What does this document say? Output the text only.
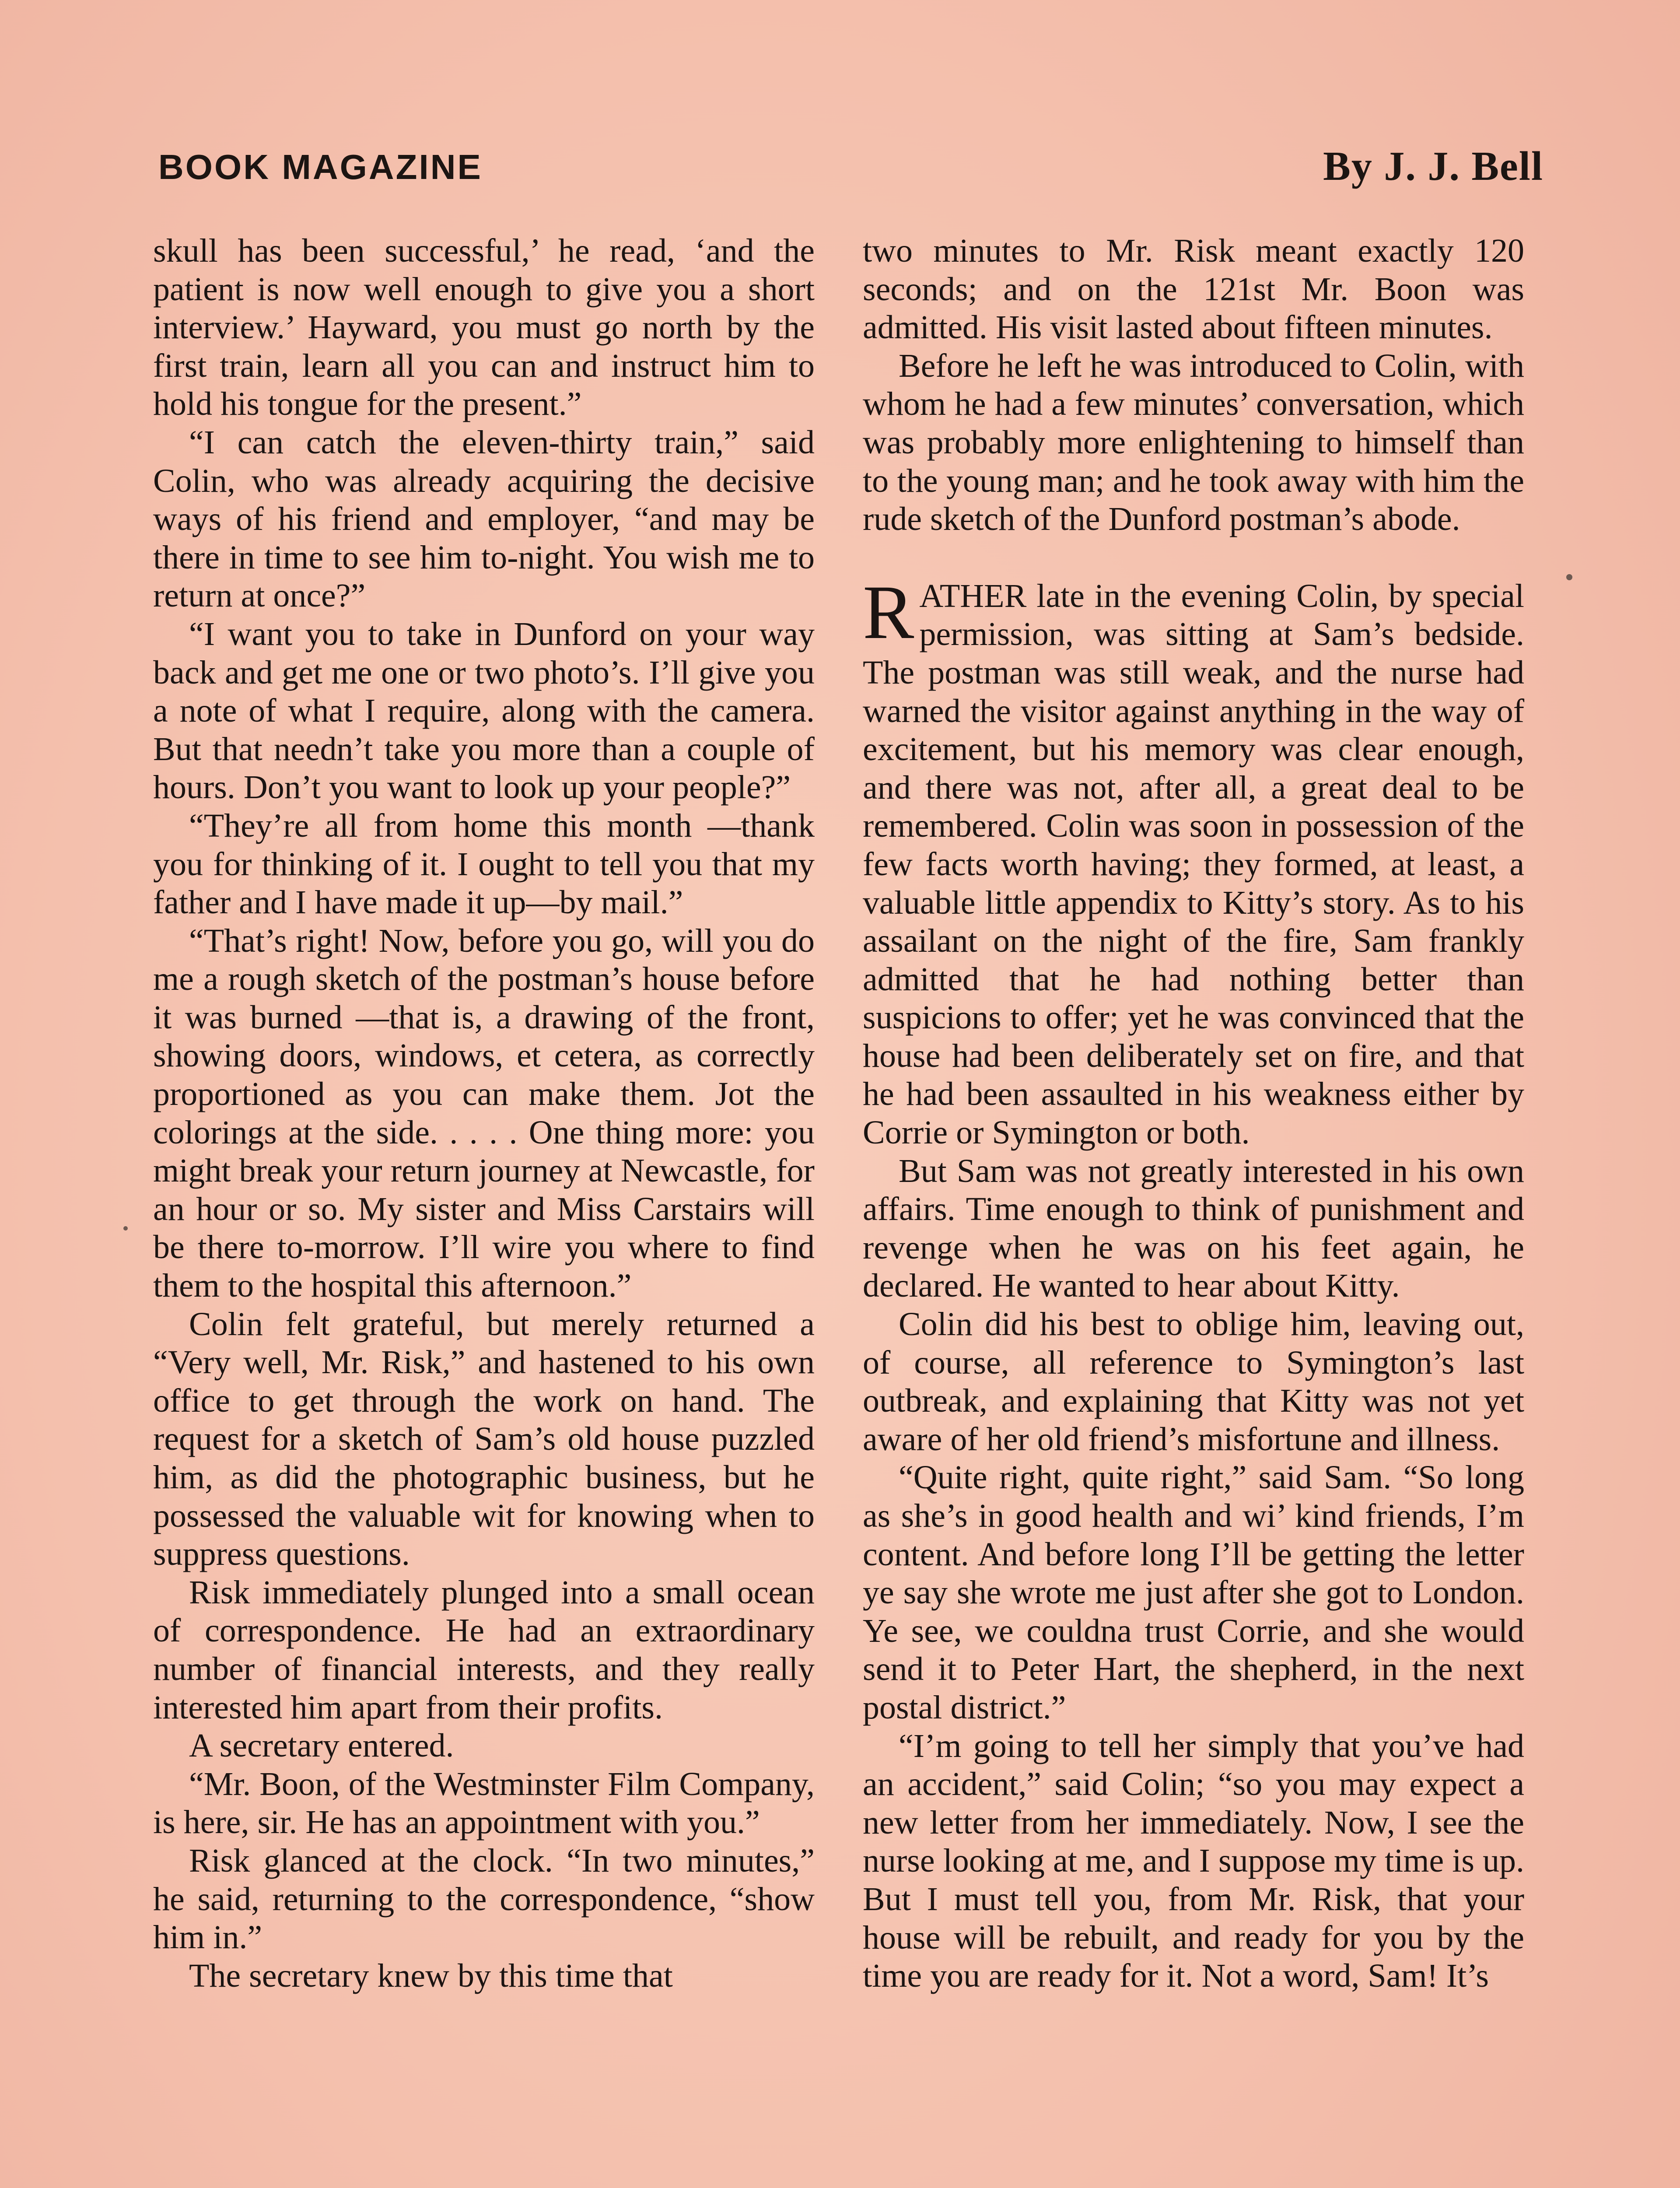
BOOK MAGAZINE	By J. J. Bell

skull has been successful,’ he read, ‘and the patient is now well enough to give you a short interview.’ Hayward, you must go north by the first train, learn all you can and instruct him to hold his tongue for the present.”

“I can catch the eleven-thirty train,” said Colin, who was already acquiring the decisive ways of his friend and employer, “and may be there in time to see him to-night. You wish me to return at once?”

“I want you to take in Dunford on your way back and get me one or two photo’s. I’ll give you a note of what I require, along with the camera. But that needn’t take you more than a couple of hours. Don’t you want to look up your people?”

“They’re all from home this month —thank you for thinking of it. I ought to tell you that my father and I have made it up—by mail.”

“That’s right! Now, before you go, will you do me a rough sketch of the postman’s house before it was burned —that is, a drawing of the front, showing doors, windows, et cetera, as correctly proportioned as you can make them. Jot the colorings at the side. . . . . One thing more: you might break your return journey at Newcastle, for an hour or so. My sister and Miss Carstairs will be there to-morrow. I’ll wire you where to find them to the hospital this afternoon.”

Colin felt grateful, but merely returned a “Very well, Mr. Risk,” and hastened to his own office to get through the work on hand. The request for a sketch of Sam’s old house puzzled him, as did the photographic business, but he possessed the valuable wit for knowing when to suppress questions.

Risk immediately plunged into a small ocean of correspondence. He had an extraordinary number of financial interests, and they really interested him apart from their profits.

A secretary entered.

“Mr. Boon, of the Westminster Film Company, is here, sir. He has an appointment with you.”

Risk glanced at the clock. “In two minutes,” he said, returning to the correspondence, “show him in.”

The secretary knew by this time that

two minutes to Mr. Risk meant exactly 120 seconds; and on the 121st Mr. Boon was admitted. His visit lasted about fifteen minutes.

Before he left he was introduced to Colin, with whom he had a few minutes’ conversation, which was probably more enlightening to himself than to the young man; and he took away with him the rude sketch of the Dunford postman’s abode.

RATHER late in the evening Colin, by special permission, was sitting at Sam’s bedside. The postman was still weak, and the nurse had warned the visitor against anything in the way of excitement, but his memory was clear enough, and there was not, after all, a great deal to be remembered. Colin was soon in possession of the few facts worth having; they formed, at least, a valuable little appendix to Kitty’s story. As to his assailant on the night of the fire, Sam frankly admitted that he had nothing better than suspicions to offer; yet he was convinced that the house had been deliberately set on fire, and that he had been assaulted in his weakness either by Corrie or Symington or both.

But Sam was not greatly interested in his own affairs. Time enough to think of punishment and revenge when he was on his feet again, he declared. He wanted to hear about Kitty.

Colin did his best to oblige him, leaving out, of course, all reference to Symington’s last outbreak, and explaining that Kitty was not yet aware of her old friend’s misfortune and illness.

“Quite right, quite right,” said Sam. “So long as she’s in good health and wi’ kind friends, I’m content. And before long I’ll be getting the letter ye say she wrote me just after she got to London. Ye see, we couldna trust Corrie, and she would send it to Peter Hart, the shepherd, in the next postal district.”

“I’m going to tell her simply that you’ve had an accident,” said Colin; “so you may expect a new letter from her immediately. Now, I see the nurse looking at me, and I suppose my time is up. But I must tell you, from Mr. Risk, that your house will be rebuilt, and ready for you by the time you are ready for it. Not a word, Sam! It’s
